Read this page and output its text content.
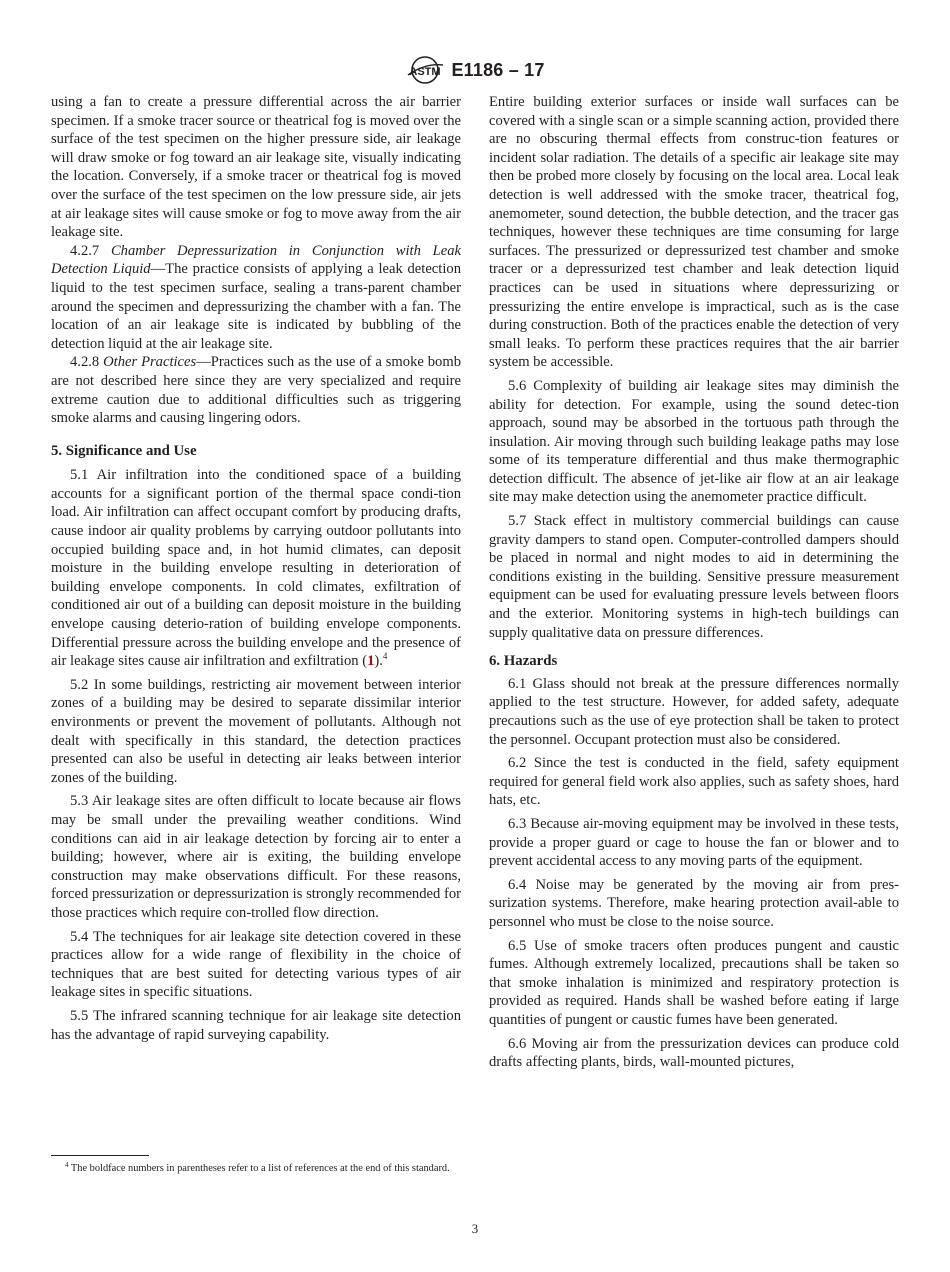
ASTM E1186 – 17

using a fan to create a pressure differential across the air barrier specimen. If a smoke tracer source or theatrical fog is moved over the surface of the test specimen on the higher pressure side, air leakage will draw smoke or fog toward an air leakage site, visually indicating the location. Conversely, if a smoke tracer or theatrical fog is moved over the surface of the test specimen on the low pressure side, air jets at air leakage sites will cause smoke or fog to move away from the air leakage site.

4.2.7 Chamber Depressurization in Conjunction with Leak Detection Liquid—The practice consists of applying a leak detection liquid to the test specimen surface, sealing a trans-parent chamber around the specimen and depressurizing the chamber with a fan. The location of an air leakage site is indicated by bubbling of the detection liquid at the air leakage site.

4.2.8 Other Practices—Practices such as the use of a smoke bomb are not described here since they are very specialized and require extreme caution due to additional difficulties such as triggering smoke alarms and causing lingering odors.

5. Significance and Use

5.1 Air infiltration into the conditioned space of a building accounts for a significant portion of the thermal space condi-tion load. Air infiltration can affect occupant comfort by producing drafts, cause indoor air quality problems by carrying outdoor pollutants into occupied building space and, in hot humid climates, can deposit moisture in the building envelope resulting in deterioration of building envelope components. In cold climates, exfiltration of conditioned air out of a building can deposit moisture in the building envelope causing deterio-ration of building envelope components. Differential pressure across the building envelope and the presence of air leakage sites cause air infiltration and exfiltration (1).$^4$

5.2 In some buildings, restricting air movement between interior zones of a building may be desired to separate dissimilar interior environments or prevent the movement of pollutants. Although not dealt with specifically in this standard, the detection practices presented can also be useful in detecting air leaks between interior zones of the building.

5.3 Air leakage sites are often difficult to locate because air flows may be small under the prevailing weather conditions. Wind conditions can aid in air leakage detection by forcing air to enter a building; however, where air is exiting, the building envelope construction may make observations difficult. For these reasons, forced pressurization or depressurization is strongly recommended for those practices which require con-trolled flow direction.

5.4 The techniques for air leakage site detection covered in these practices allow for a wide range of flexibility in the choice of techniques that are best suited for detecting various types of air leakage sites in specific situations.

5.5 The infrared scanning technique for air leakage site detection has the advantage of rapid surveying capability.

Entire building exterior surfaces or inside wall surfaces can be covered with a single scan or a simple scanning action, provided there are no obscuring thermal effects from construc-tion features or incident solar radiation. The details of a specific air leakage site may then be probed more closely by focusing on the local area. Local leak detection is well addressed with the smoke tracer, theatrical fog, anemometer, sound detection, the bubble detection, and the tracer gas techniques, however these techniques are time consuming for large surfaces. The pressurized or depressurized test chamber and smoke tracer or a depressurized test chamber and leak detection liquid practices can be used in situations where depressurizing or pressurizing the entire envelope is impractical, such as is the case during construction. Both of the practices enable the detection of very small leaks. To perform these practices requires that the air barrier system be accessible.

5.6 Complexity of building air leakage sites may diminish the ability for detection. For example, using the sound detec-tion approach, sound may be absorbed in the tortuous path through the insulation. Air moving through such building leakage paths may lose some of its temperature differential and thus make thermographic detection difficult. The absence of jet-like air flow at an air leakage site may make detection using the anemometer practice difficult.

5.7 Stack effect in multistory commercial buildings can cause gravity dampers to stand open. Computer-controlled dampers should be placed in normal and night modes to aid in determining the conditions existing in the building. Sensitive pressure measurement equipment can be used for evaluating pressure levels between floors and the exterior. Monitoring systems in high-tech buildings can supply qualitative data on pressure differences.

6. Hazards

6.1 Glass should not break at the pressure differences normally applied to the test structure. However, for added safety, adequate precautions such as the use of eye protection shall be taken to protect the personnel. Occupant protection must also be considered.

6.2 Since the test is conducted in the field, safety equipment required for general field work also applies, such as safety shoes, hard hats, etc.

6.3 Because air-moving equipment may be involved in these tests, provide a proper guard or cage to house the fan or blower and to prevent accidental access to any moving parts of the equipment.

6.4 Noise may be generated by the moving air from pres-surization systems. Therefore, make hearing protection avail-able to personnel who must be close to the noise source.

6.5 Use of smoke tracers often produces pungent and caustic fumes. Although extremely localized, precautions shall be taken so that smoke inhalation is minimized and respiratory protection is provided as required. Hands shall be washed before eating if large quantities of pungent or caustic fumes have been generated.

6.6 Moving air from the pressurization devices can produce cold drafts affecting plants, birds, wall-mounted pictures,

$^4$ The boldface numbers in parentheses refer to a list of references at the end of this standard.
3
